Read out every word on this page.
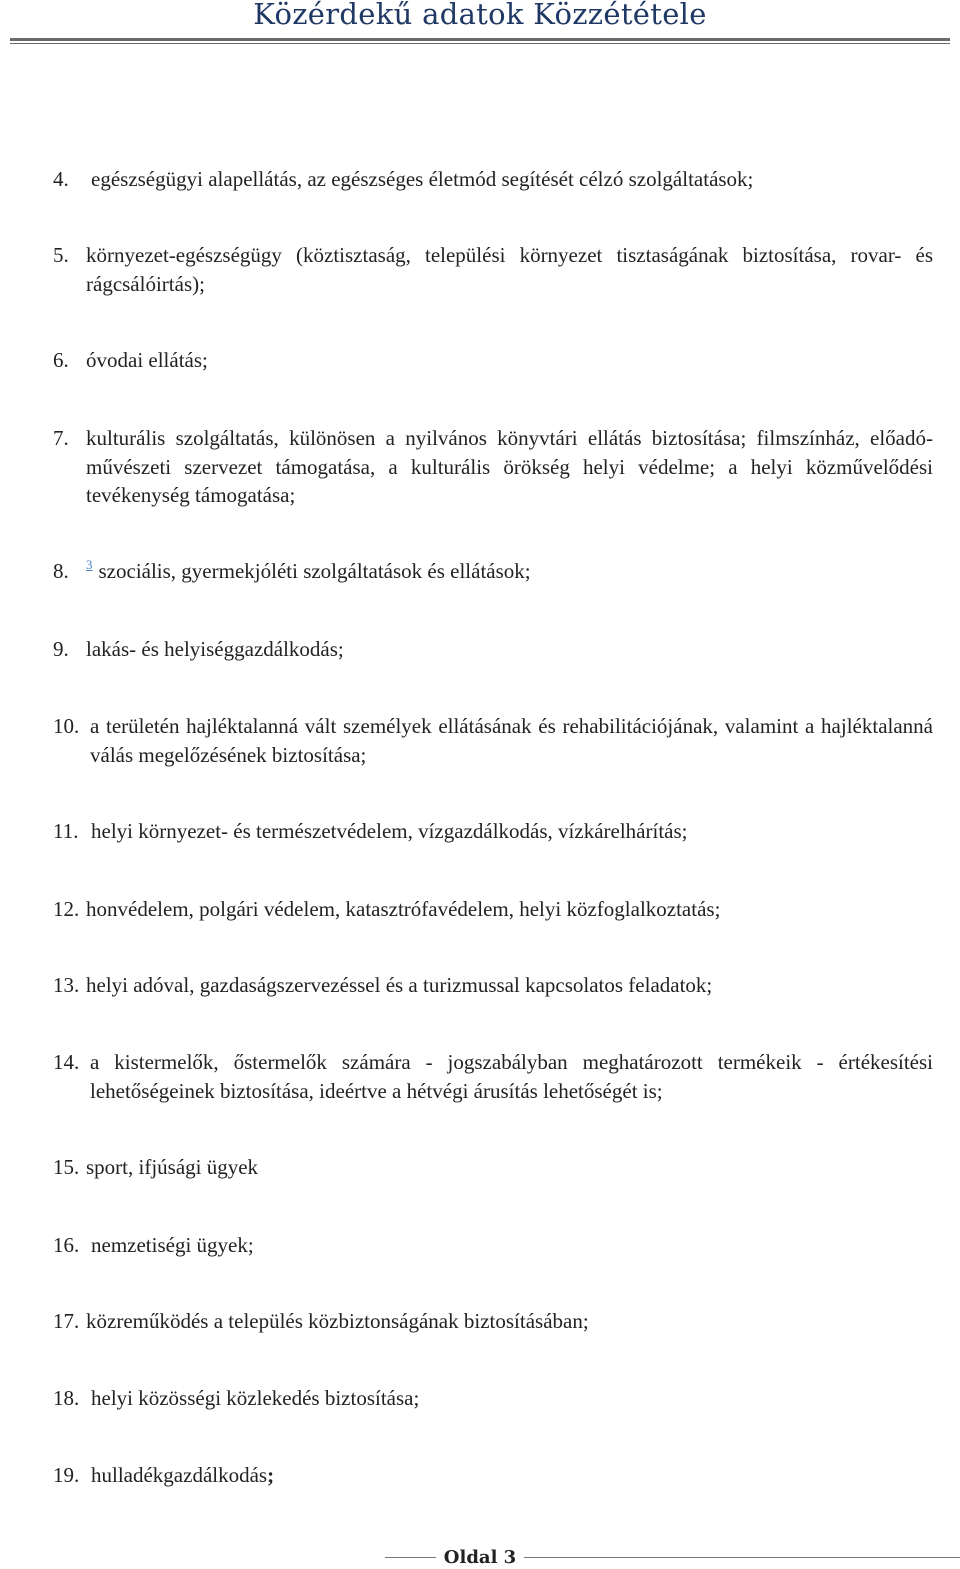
Közérdekű adatok Közzététele
4. egészségügyi alapellátás, az egészséges életmód segítését célzó szolgáltatások;
5. környezet-egészségügy (köztisztaság, települési környezet tisztaságának biztosítása, rovar- és rágcsálóirtás);
6. óvodai ellátás;
7. kulturális szolgáltatás, különösen a nyilvános könyvtári ellátás biztosítása; filmszínház, előadó-művészeti szervezet támogatása, a kulturális örökség helyi védelme; a helyi közművelődési tevékenység támogatása;
8. $^3$ szociális, gyermekjóléti szolgáltatások és ellátások;
9. lakás- és helyiséggazdálkodás;
10. a területén hajléktalanná vált személyek ellátásának és rehabilitációjának, valamint a hajléktalanná válás megelőzésének biztosítása;
11. helyi környezet- és természetvédelem, vízgazdálkodás, vízkárelhárítás;
12. honvédelem, polgári védelem, katasztrófavédelem, helyi közfoglalkoztatás;
13. helyi adóval, gazdaságszervezéssel és a turizmussal kapcsolatos feladatok;
14. a kistermelők, őstermelők számára - jogszabályban meghatározott termékeik - értékesítési lehetőségeinek biztosítása, ideértve a hétvégi árusítás lehetőségét is;
15. sport, ifjúsági ügyek
16. nemzetiségi ügyek;
17. közreműködés a település közbiztonságának biztosításában;
18. helyi közösségi közlekedés biztosítása;
19. hulladékgazdálkodás;
Oldal 3
